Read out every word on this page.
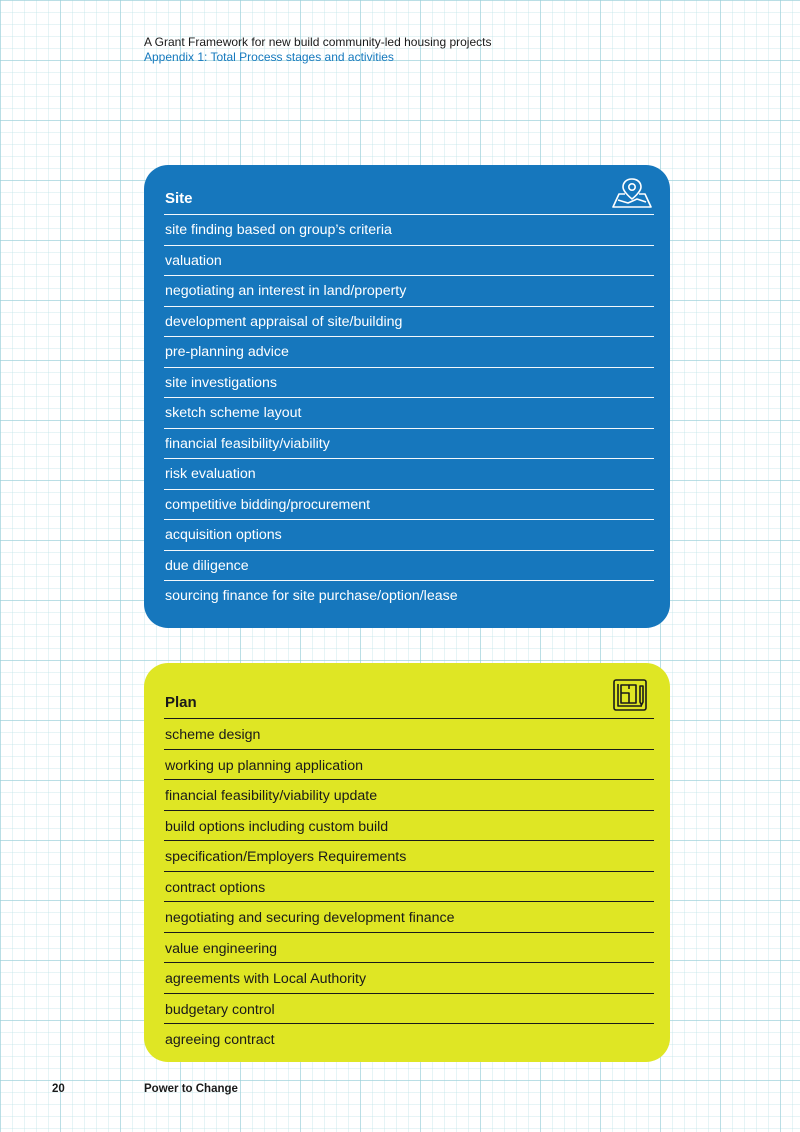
A Grant Framework for new build community-led housing projects
Appendix 1: Total Process stages and activities
Site
site finding based on group’s criteria
valuation
negotiating an interest in land/property
development appraisal of site/building
pre-planning advice
site investigations
sketch scheme layout
financial feasibility/viability
risk evaluation
competitive bidding/procurement
acquisition options
due diligence
sourcing finance for site purchase/option/lease
Plan
scheme design
working up planning application
financial feasibility/viability update
build options including custom build
specification/Employers Requirements
contract options
negotiating and securing development finance
value engineering
agreements with Local Authority
budgetary control
agreeing contract
20	Power to Change
